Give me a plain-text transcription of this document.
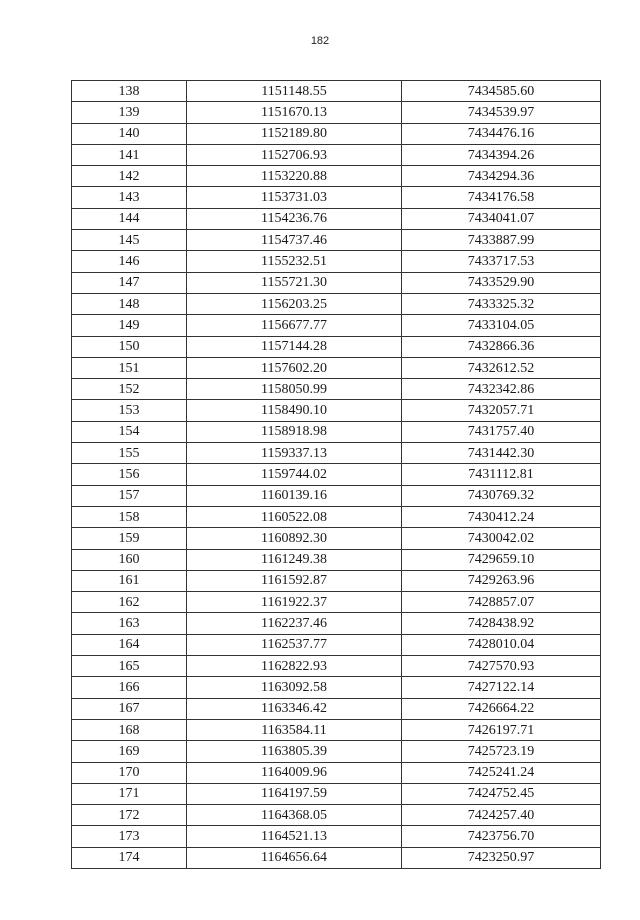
182
138	1151148.55	7434585.60
139	1151670.13	7434539.97
140	1152189.80	7434476.16
141	1152706.93	7434394.26
142	1153220.88	7434294.36
143	1153731.03	7434176.58
144	1154236.76	7434041.07
145	1154737.46	7433887.99
146	1155232.51	7433717.53
147	1155721.30	7433529.90
148	1156203.25	7433325.32
149	1156677.77	7433104.05
150	1157144.28	7432866.36
151	1157602.20	7432612.52
152	1158050.99	7432342.86
153	1158490.10	7432057.71
154	1158918.98	7431757.40
155	1159337.13	7431442.30
156	1159744.02	7431112.81
157	1160139.16	7430769.32
158	1160522.08	7430412.24
159	1160892.30	7430042.02
160	1161249.38	7429659.10
161	1161592.87	7429263.96
162	1161922.37	7428857.07
163	1162237.46	7428438.92
164	1162537.77	7428010.04
165	1162822.93	7427570.93
166	1163092.58	7427122.14
167	1163346.42	7426664.22
168	1163584.11	7426197.71
169	1163805.39	7425723.19
170	1164009.96	7425241.24
171	1164197.59	7424752.45
172	1164368.05	7424257.40
173	1164521.13	7423756.70
174	1164656.64	7423250.97
